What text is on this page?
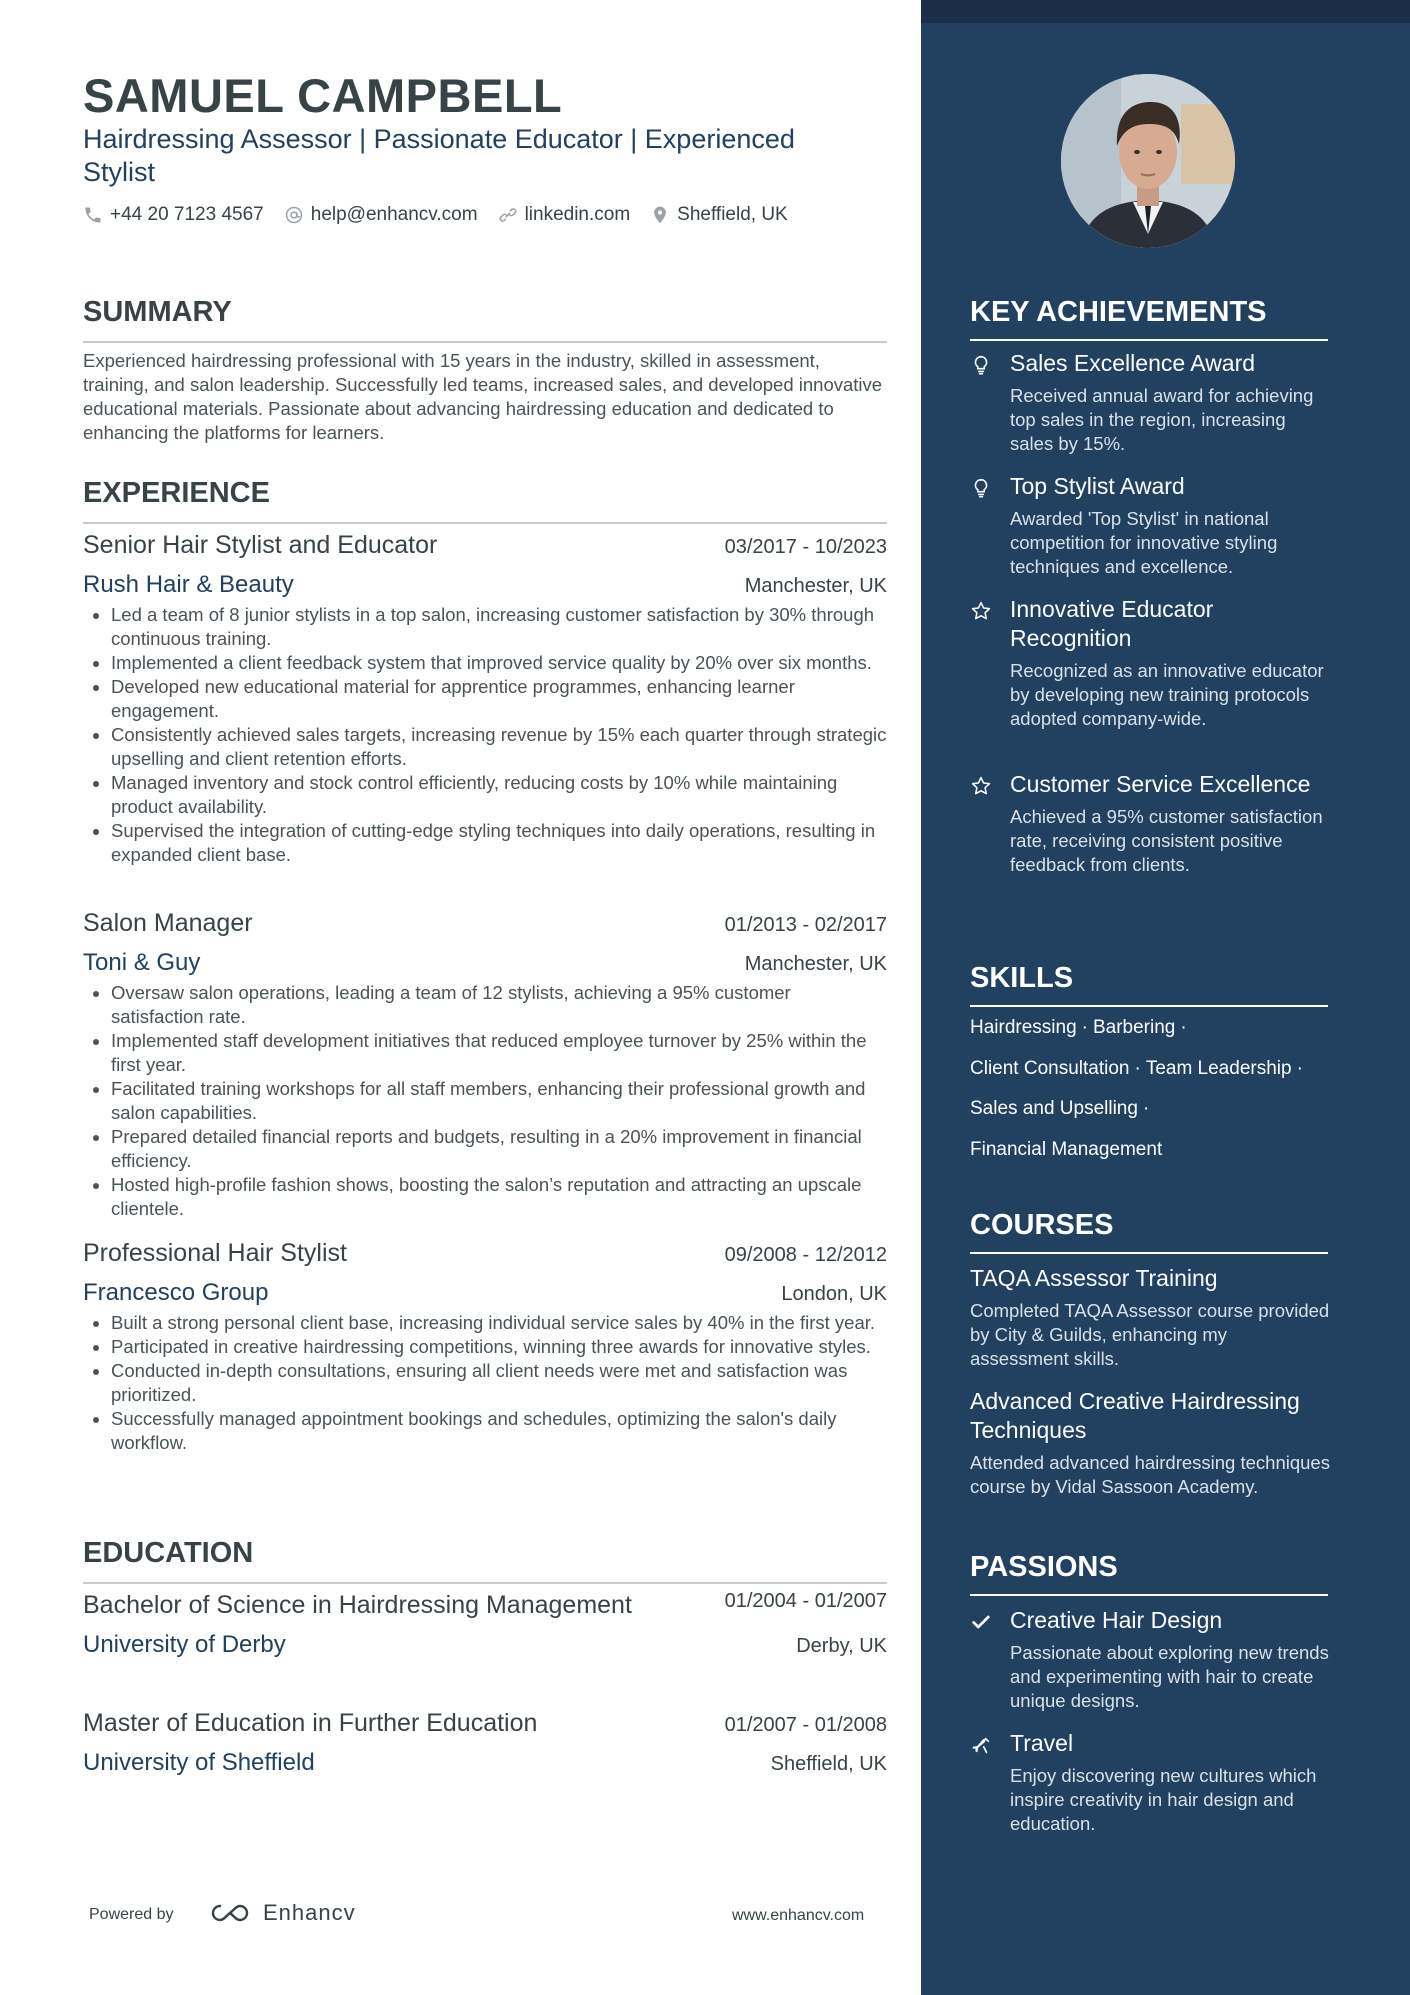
SAMUEL CAMPBELL
Hairdressing Assessor | Passionate Educator | Experienced Stylist
+44 20 7123 4567 help@enhancv.com linkedin.com Sheffield, UK
SUMMARY

Experienced hairdressing professional with 15 years in the industry, skilled in assessment, training, and salon leadership. Successfully led teams, increased sales, and developed innovative educational materials. Passionate about advancing hairdressing education and dedicated to enhancing the platforms for learners.

EXPERIENCE
Senior Hair Stylist and Educator	03/2017 - 10/2023
Rush Hair & Beauty	Manchester, UK
• Led a team of 8 junior stylists in a top salon, increasing customer satisfaction by 30% through continuous training.
• Implemented a client feedback system that improved service quality by 20% over six months.
• Developed new educational material for apprentice programmes, enhancing learner engagement.
• Consistently achieved sales targets, increasing revenue by 15% each quarter through strategic upselling and client retention efforts.
• Managed inventory and stock control efficiently, reducing costs by 10% while maintaining product availability.
• Supervised the integration of cutting-edge styling techniques into daily operations, resulting in expanded client base.
Salon Manager	01/2013 - 02/2017
Toni & Guy	Manchester, UK
• Oversaw salon operations, leading a team of 12 stylists, achieving a 95% customer satisfaction rate.
• Implemented staff development initiatives that reduced employee turnover by 25% within the first year.
• Facilitated training workshops for all staff members, enhancing their professional growth and salon capabilities.
• Prepared detailed financial reports and budgets, resulting in a 20% improvement in financial efficiency.
• Hosted high-profile fashion shows, boosting the salon’s reputation and attracting an upscale clientele.
Professional Hair Stylist	09/2008 - 12/2012
Francesco Group	London, UK
• Built a strong personal client base, increasing individual service sales by 40% in the first year.
• Participated in creative hairdressing competitions, winning three awards for innovative styles.
• Conducted in-depth consultations, ensuring all client needs were met and satisfaction was prioritized.
• Successfully managed appointment bookings and schedules, optimizing the salon's daily workflow.
EDUCATION
Bachelor of Science in Hairdressing Management	01/2004 - 01/2007
University of Derby	Derby, UK
Master of Education in Further Education	01/2007 - 01/2008
University of Sheffield	Sheffield, UK
Powered by	Enhancv	www.enhancv.com
KEY ACHIEVEMENTS
Sales Excellence Award
Received annual award for achieving top sales in the region, increasing sales by 15%.
Top Stylist Award
Awarded 'Top Stylist' in national competition for innovative styling techniques and excellence.
Innovative Educator Recognition
Recognized as an innovative educator by developing new training protocols adopted company-wide.
Customer Service Excellence
Achieved a 95% customer satisfaction rate, receiving consistent positive feedback from clients.
SKILLS
Hairdressing · Barbering ·
Client Consultation · Team Leadership ·
Sales and Upselling ·
Financial Management
COURSES
TAQA Assessor Training
Completed TAQA Assessor course provided by City & Guilds, enhancing my assessment skills.
Advanced Creative Hairdressing Techniques
Attended advanced hairdressing techniques course by Vidal Sassoon Academy.
PASSIONS
Creative Hair Design
Passionate about exploring new trends and experimenting with hair to create unique designs.
Travel
Enjoy discovering new cultures which inspire creativity in hair design and education.
